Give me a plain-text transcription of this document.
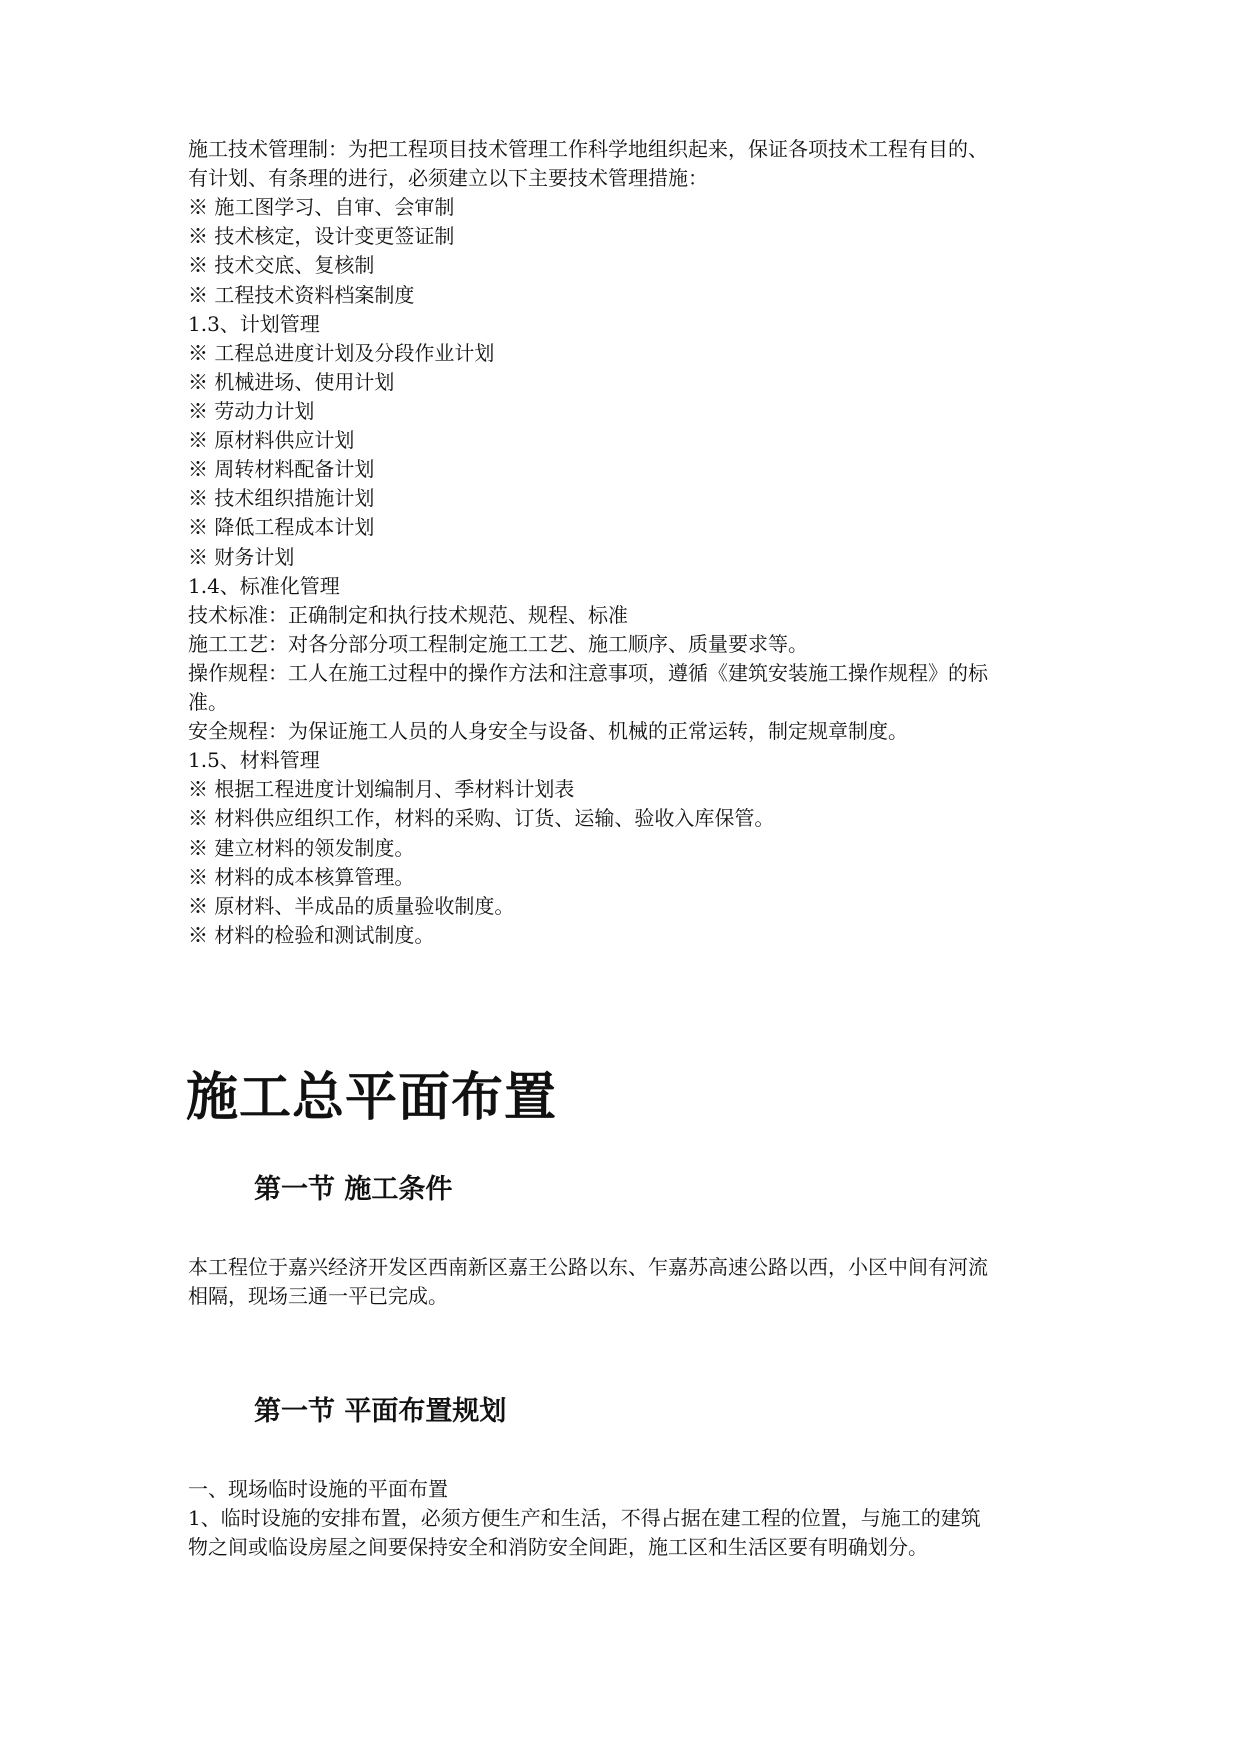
施工技术管理制：为把工程项目技术管理工作科学地组织起来，保证各项技术工程有目的、
有计划、有条理的进行，必须建立以下主要技术管理措施：
※ 施工图学习、自审、会审制
※ 技术核定，设计变更签证制
※ 技术交底、复核制
※ 工程技术资料档案制度
1.3、计划管理
※ 工程总进度计划及分段作业计划
※ 机械进场、使用计划
※ 劳动力计划
※ 原材料供应计划
※ 周转材料配备计划
※ 技术组织措施计划
※ 降低工程成本计划
※ 财务计划
1.4、标准化管理
技术标准：正确制定和执行技术规范、规程、标准
施工工艺：对各分部分项工程制定施工工艺、施工顺序、质量要求等。
操作规程：工人在施工过程中的操作方法和注意事项，遵循《建筑安装施工操作规程》的标
准。
安全规程：为保证施工人员的人身安全与设备、机械的正常运转，制定规章制度。
1.5、材料管理
※ 根据工程进度计划编制月、季材料计划表
※ 材料供应组织工作，材料的采购、订货、运输、验收入库保管。
※ 建立材料的领发制度。
※ 材料的成本核算管理。
※ 原材料、半成品的质量验收制度。
※ 材料的检验和测试制度。
施工总平面布置
第一节 施工条件
本工程位于嘉兴经济开发区西南新区嘉王公路以东、乍嘉苏高速公路以西，小区中间有河流
相隔，现场三通一平已完成。
第一节 平面布置规划
一、现场临时设施的平面布置
1、临时设施的安排布置，必须方便生产和生活，不得占据在建工程的位置，与施工的建筑
物之间或临设房屋之间要保持安全和消防安全间距，施工区和生活区要有明确划分。
